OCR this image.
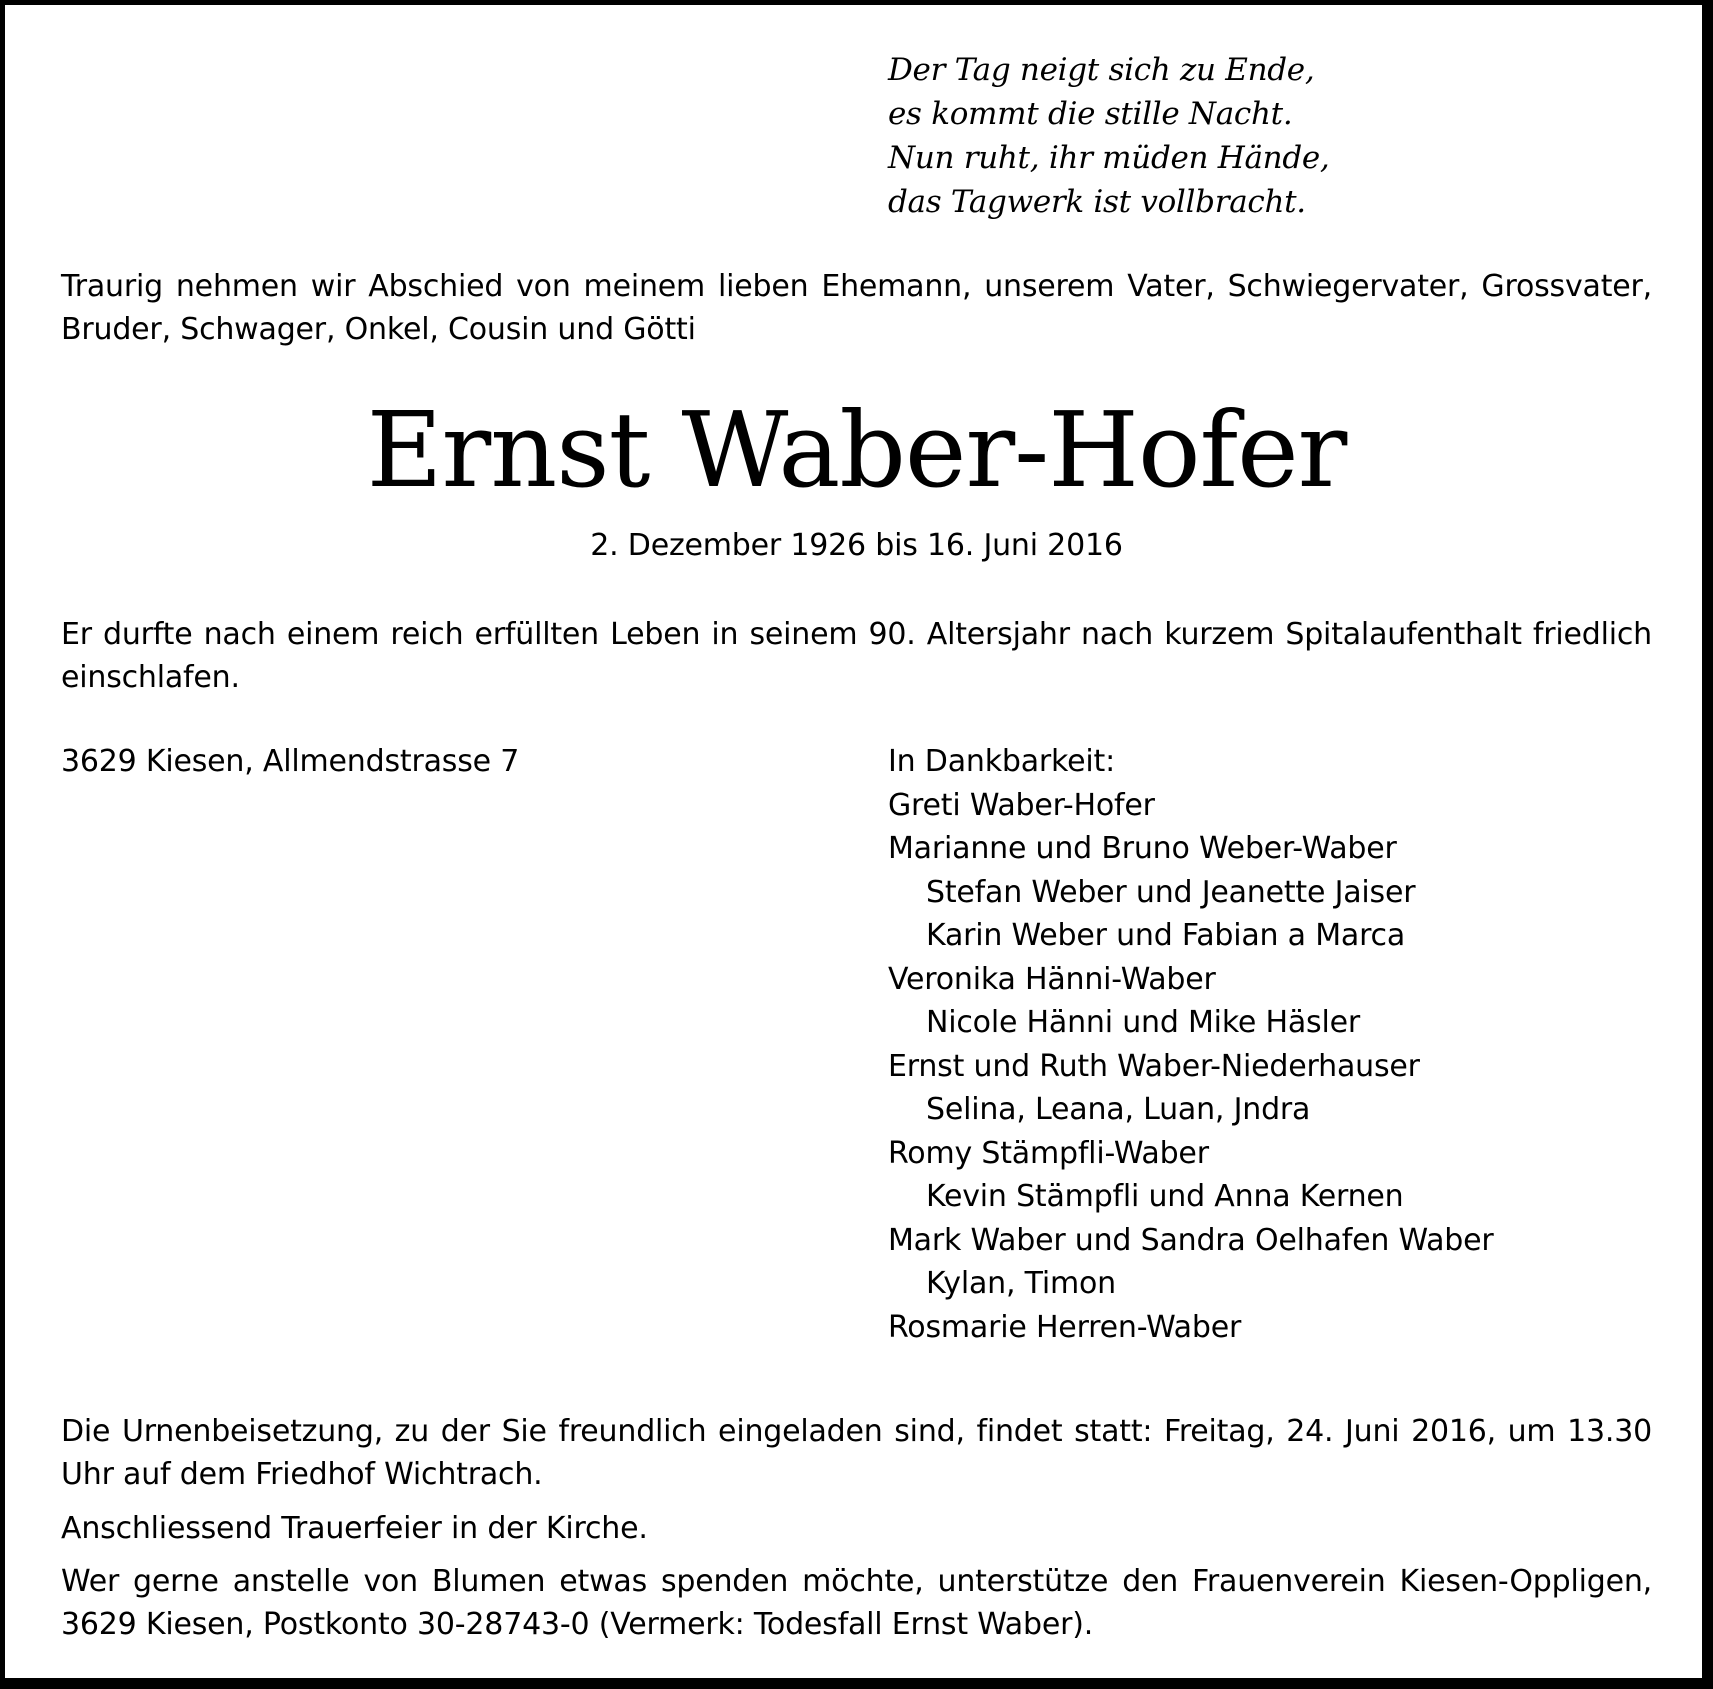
Der Tag neigt sich zu Ende,
es kommt die stille Nacht.
Nun ruht, ihr müden Hände,
das Tagwerk ist vollbracht.
Traurig nehmen wir Abschied von meinem lieben Ehemann, unserem Vater, Schwiegervater, Grossvater, Bruder, Schwager, Onkel, Cousin und Götti
Ernst Waber-Hofer
2. Dezember 1926 bis 16. Juni 2016
Er durfte nach einem reich erfüllten Leben in seinem 90. Altersjahr nach kurzem Spitalaufenthalt friedlich einschlafen.
3629 Kiesen, Allmendstrasse 7	In Dankbarkeit:
Greti Waber-Hofer
Marianne und Bruno Weber-Waber
Stefan Weber und Jeanette Jaiser
Karin Weber und Fabian a Marca
Veronika Hänni-Waber
Nicole Hänni und Mike Häsler
Ernst und Ruth Waber-Niederhauser
Selina, Leana, Luan, Jndra
Romy Stämpfli-Waber
Kevin Stämpfli und Anna Kernen
Mark Waber und Sandra Oelhafen Waber
Kylan, Timon
Rosmarie Herren-Waber
Die Urnenbeisetzung, zu der Sie freundlich eingeladen sind, findet statt: Freitag, 24. Juni 2016, um 13.30 Uhr auf dem Friedhof Wichtrach.
Anschliessend Trauerfeier in der Kirche.
Wer gerne anstelle von Blumen etwas spenden möchte, unterstütze den Frauenverein Kiesen-Oppligen, 3629 Kiesen, Postkonto 30-28743-0 (Vermerk: Todesfall Ernst Waber).
